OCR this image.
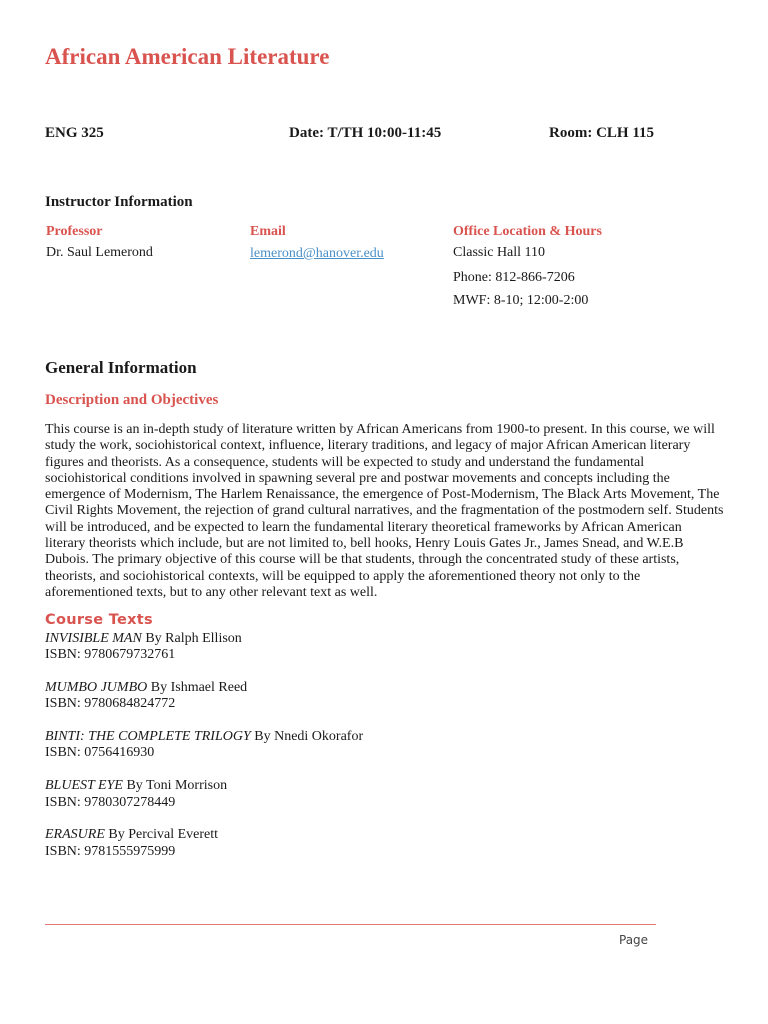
African American Literature
ENG 325	Date: T/TH 10:00-11:45	Room: CLH 115
Instructor Information
Professor
Dr. Saul Lemerond
Email
lemerond@hanover.edu
Office Location & Hours
Classic Hall 110
Phone: 812-866-7206
MWF: 8-10; 12:00-2:00
General Information
Description and Objectives
This course is an in-depth study of literature written by African Americans from 1900-to present. In this course, we will study the work, sociohistorical context, influence, literary traditions, and legacy of major African American literary figures and theorists. As a consequence, students will be expected to study and understand the fundamental sociohistorical conditions involved in spawning several pre and postwar movements and concepts including the emergence of Modernism, The Harlem Renaissance, the emergence of Post-Modernism, The Black Arts Movement, The Civil Rights Movement, the rejection of grand cultural narratives, and the fragmentation of the postmodern self. Students will be introduced, and be expected to learn the fundamental literary theoretical frameworks by African American literary theorists which include, but are not limited to, bell hooks, Henry Louis Gates Jr., James Snead, and W.E.B Dubois. The primary objective of this course will be that students, through the concentrated study of these artists, theorists, and sociohistorical contexts, will be equipped to apply the aforementioned theory not only to the aforementioned texts, but to any other relevant text as well.
Course Texts
INVISIBLE MAN By Ralph Ellison
ISBN: 9780679732761
MUMBO JUMBO By Ishmael Reed
ISBN: 9780684824772
BINTI: THE COMPLETE TRILOGY By Nnedi Okorafor
ISBN: 0756416930
BLUEST EYE By Toni Morrison
ISBN: 9780307278449
ERASURE By Percival Everett
ISBN: 9781555975999
Page
